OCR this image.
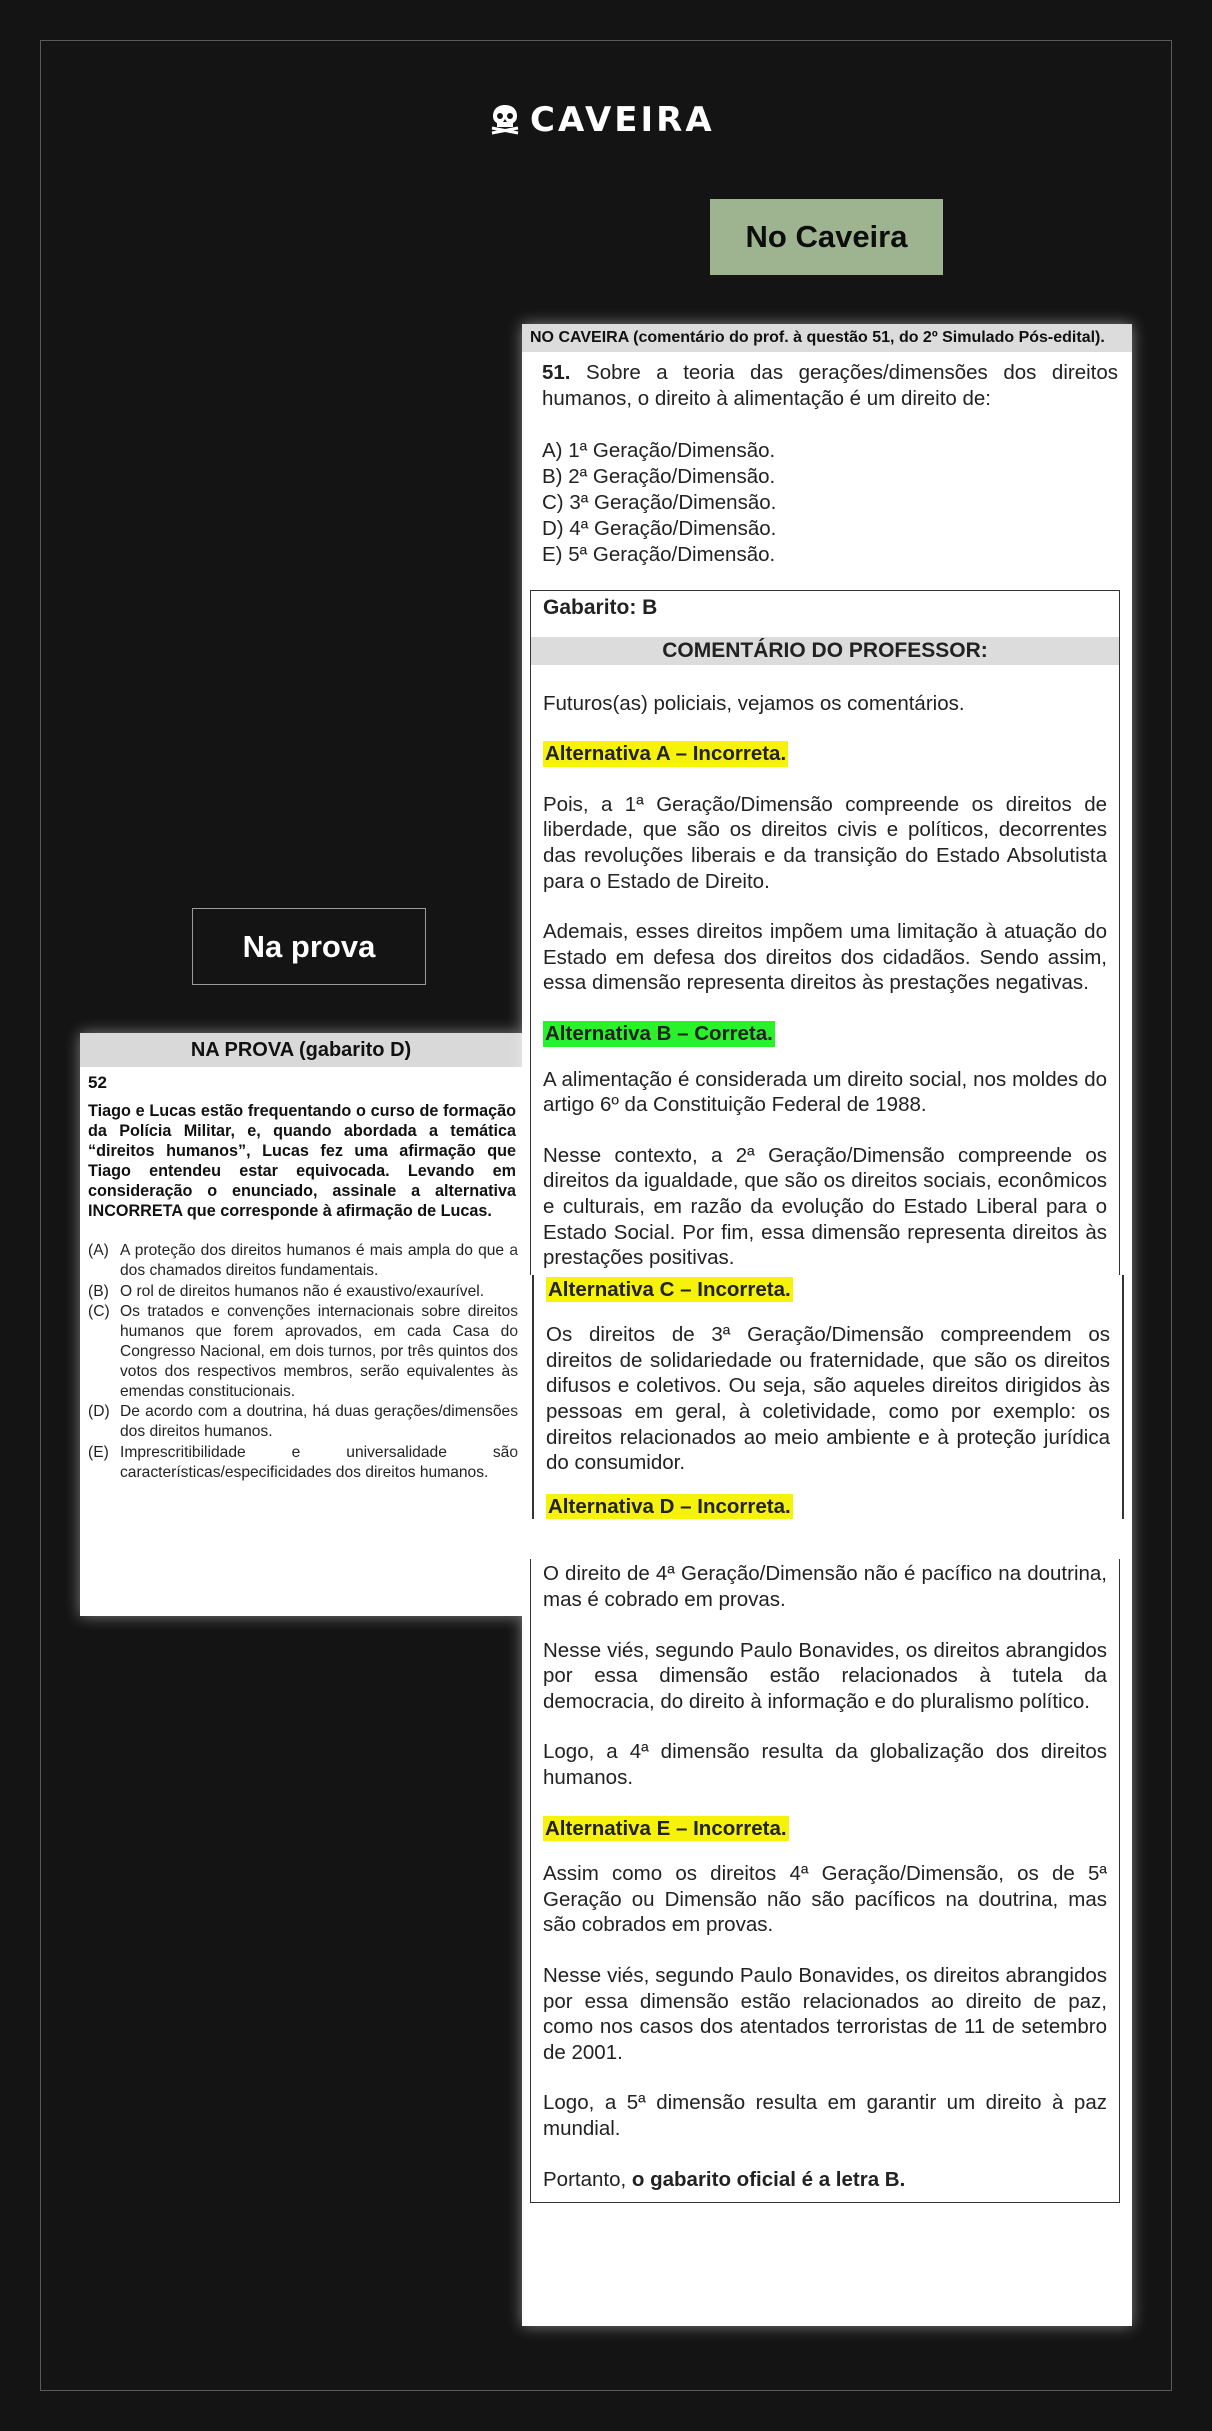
CAVEIRA
No Caveira
Na prova
NA PROVA (gabarito D)
52
Tiago e Lucas estão frequentando o curso de formação da Polícia Militar, e, quando abordada a temática “direitos humanos”, Lucas fez uma afirmação que Tiago entendeu estar equivocada. Levando em consideração o enunciado, assinale a alternativa INCORRETA que corresponde à afirmação de Lucas.
(A) A proteção dos direitos humanos é mais ampla do que a dos chamados direitos fundamentais.
(B) O rol de direitos humanos não é exaustivo/exaurível.
(C) Os tratados e convenções internacionais sobre direitos humanos que forem aprovados, em cada Casa do Congresso Nacional, em dois turnos, por três quintos dos votos dos respectivos membros, serão equivalentes às emendas constitucionais.
(D) De acordo com a doutrina, há duas gerações/dimensões dos direitos humanos.
(E) Imprescritibilidade e universalidade são características/especificidades dos direitos humanos.
NO CAVEIRA (comentário do prof. à questão 51, do 2º Simulado Pós-edital).
51. Sobre a teoria das gerações/dimensões dos direitos humanos, o direito à alimentação é um direito de:
A) 1ª Geração/Dimensão.
B) 2ª Geração/Dimensão.
C) 3ª Geração/Dimensão.
D) 4ª Geração/Dimensão.
E) 5ª Geração/Dimensão.
Gabarito: B
COMENTÁRIO DO PROFESSOR:

Futuros(as) policiais, vejamos os comentários.

Alternativa A – Incorreta.

Pois, a 1ª Geração/Dimensão compreende os direitos de liberdade, que são os direitos civis e políticos, decorrentes das revoluções liberais e da transição do Estado Absolutista para o Estado de Direito.

Ademais, esses direitos impõem uma limitação à atuação do Estado em defesa dos direitos dos cidadãos. Sendo assim, essa dimensão representa direitos às prestações negativas.

Alternativa B – Correta.

A alimentação é considerada um direito social, nos moldes do artigo 6º da Constituição Federal de 1988.

Nesse contexto, a 2ª Geração/Dimensão compreende os direitos da igualdade, que são os direitos sociais, econômicos e culturais, em razão da evolução do Estado Liberal para o Estado Social. Por fim, essa dimensão representa direitos às prestações positivas.

Alternativa C – Incorreta.

Os direitos de 3ª Geração/Dimensão compreendem os direitos de solidariedade ou fraternidade, que são os direitos difusos e coletivos. Ou seja, são aqueles direitos dirigidos às pessoas em geral, à coletividade, como por exemplo: os direitos relacionados ao meio ambiente e à proteção jurídica do consumidor.

Alternativa D – Incorreta.

O direito de 4ª Geração/Dimensão não é pacífico na doutrina, mas é cobrado em provas.

Nesse viés, segundo Paulo Bonavides, os direitos abrangidos por essa dimensão estão relacionados à tutela da democracia, do direito à informação e do pluralismo político.

Logo, a 4ª dimensão resulta da globalização dos direitos humanos.

Alternativa E – Incorreta.

Assim como os direitos 4ª Geração/Dimensão, os de 5ª Geração ou Dimensão não são pacíficos na doutrina, mas são cobrados em provas.

Nesse viés, segundo Paulo Bonavides, os direitos abrangidos por essa dimensão estão relacionados ao direito de paz, como nos casos dos atentados terroristas de 11 de setembro de 2001.

Logo, a 5ª dimensão resulta em garantir um direito à paz mundial.

Portanto, o gabarito oficial é a letra B.
